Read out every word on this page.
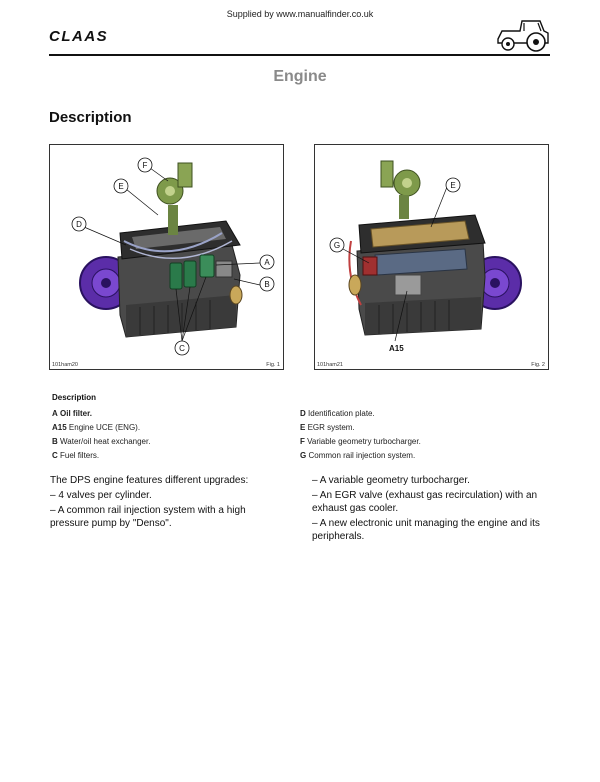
Supplied by www.manualfinder.co.uk
CLAAS
Engine
Description
F
E
D
A
B
C
101ham20	Fig. 1
E
G
A15
101ham21	Fig. 2
Description
A Oil filter.
A15 Engine UCE (ENG).
B Water/oil heat exchanger.
C Fuel filters.
D Identification plate.
E EGR system.
F Variable geometry turbocharger.
G Common rail injection system.

The DPS engine features different upgrades:

– 4 valves per cylinder.

– A common rail injection system with a high pressure pump by "Denso".

– A variable geometry turbocharger.

– An EGR valve (exhaust gas recirculation) with an exhaust gas cooler.

– A new electronic unit managing the engine and its peripherals.
